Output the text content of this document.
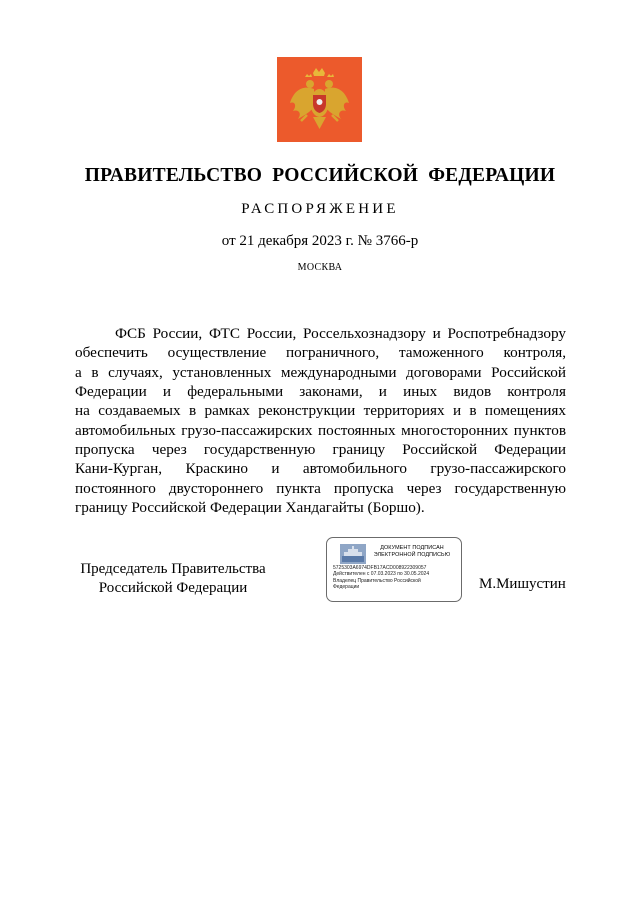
ПРАВИТЕЛЬСТВО  РОССИЙСКОЙ  ФЕДЕРАЦИИ
РАСПОРЯЖЕНИЕ
от 21 декабря 2023 г. № 3766-р
МОСКВА
ФСБ России, ФТС России, Россельхознадзору и Роспотребнадзору
обеспечить осуществление пограничного, таможенного контроля,
а в случаях, установленных международными договорами Российской
Федерации и федеральными законами, и иных видов контроля
на создаваемых в рамках реконструкции территориях и в помещениях
автомобильных грузо-пассажирских постоянных многосторонних пунктов
пропуска через государственную границу Российской Федерации
Кани-Курган, Краскино и автомобильного грузо-пассажирского
постоянного двустороннего пункта пропуска через государственную
границу Российской Федерации Хандагайты (Боршо).
Председатель Правительства
Российской Федерации
ДОКУМЕНТ ПОДПИСАН
ЭЛЕКТРОННОЙ ПОДПИСЬЮ
5725303A6974DFB17ACD008922309057
Действителен с 07.03.2023 по 30.05.2024
Владелец Правительство Российской
Федерации	М.Мишустин
